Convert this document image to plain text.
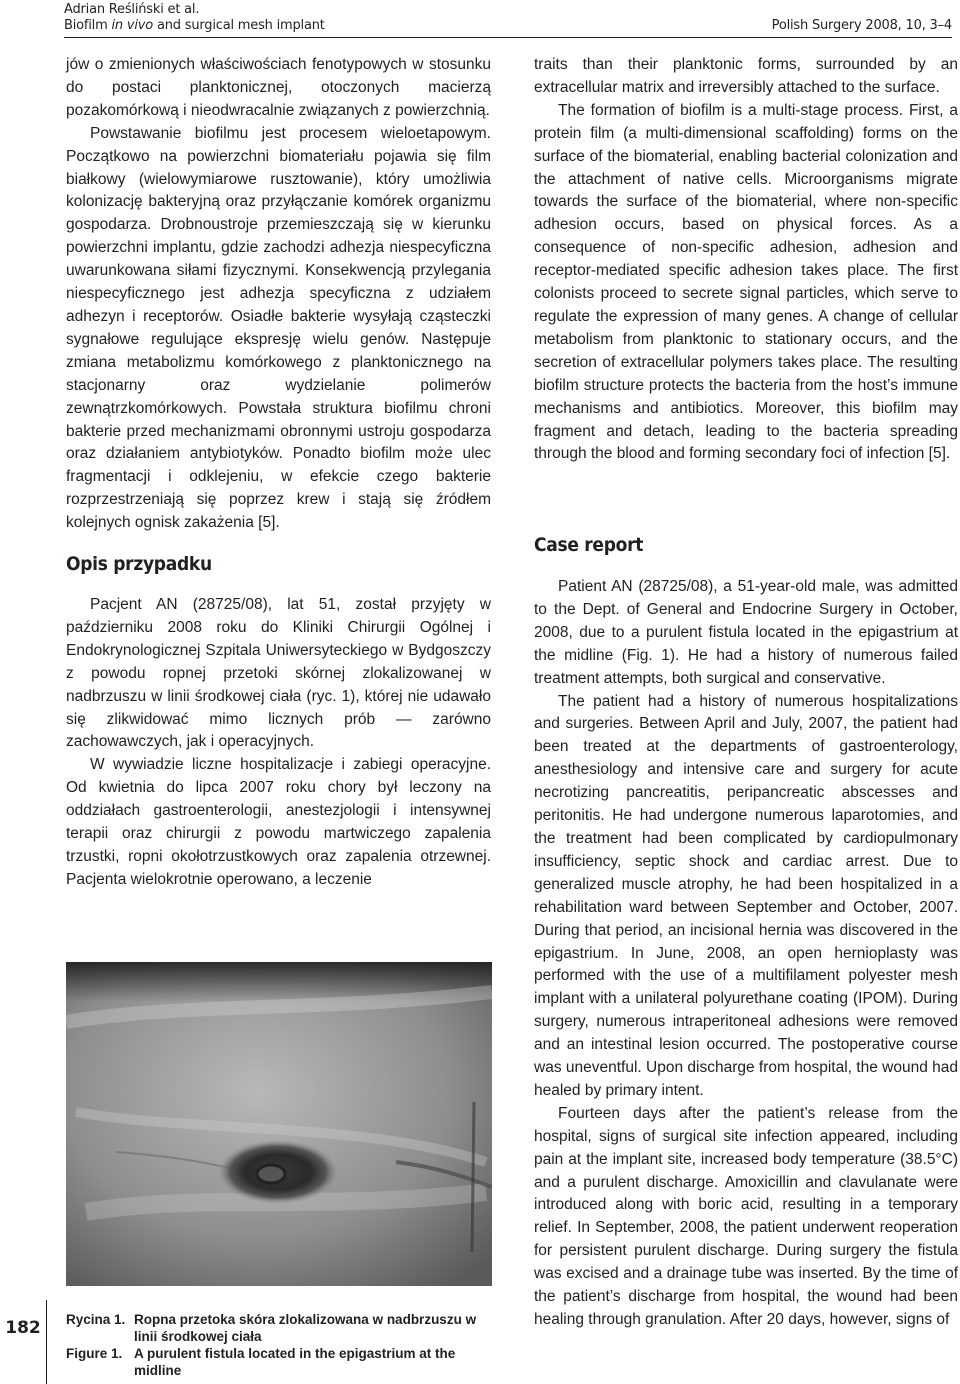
Adrian Reśliński et al.
Biofilm in vivo and surgical mesh implant	Polish Surgery 2008, 10, 3–4

jów o zmienionych właściwościach fenotypowych w stosunku do postaci planktonicznej, otoczonych macierzą pozakomórkową i nieodwracalnie związanych z powierzchnią.

Powstawanie biofilmu jest procesem wieloetapowym. Początkowo na powierzchni biomateriału pojawia się film białkowy (wielowymiarowe rusztowanie), który umożliwia kolonizację bakteryjną oraz przyłączanie komórek organizmu gospodarza. Drobnoustroje przemieszczają się w kierunku powierzchni implantu, gdzie zachodzi adhezja niespecyficzna uwarunkowana siłami fizycznymi. Konsekwencją przylegania niespecyficznego jest adhezja specyficzna z udziałem adhezyn i receptorów. Osiadłe bakterie wysyłają cząsteczki sygnałowe regulujące ekspresję wielu genów. Następuje zmiana metabolizmu komórkowego z planktonicznego na stacjonarny oraz wydzielanie polimerów zewnątrzkomórkowych. Powstała struktura biofilmu chroni bakterie przed mechanizmami obronnymi ustroju gospodarza oraz działaniem antybiotyków. Ponadto biofilm może ulec fragmentacji i odklejeniu, w efekcie czego bakterie rozprzestrzeniają się poprzez krew i stają się źródłem kolejnych ognisk zakażenia [5].

Opis przypadku

Pacjent AN (28725/08), lat 51, został przyjęty w październiku 2008 roku do Kliniki Chirurgii Ogólnej i Endokrynologicznej Szpitala Uniwersyteckiego w Bydgoszczy z powodu ropnej przetoki skórnej zlokalizowanej w nadbrzuszu w linii środkowej ciała (ryc. 1), której nie udawało się zlikwidować mimo licznych prób — zarówno zachowawczych, jak i operacyjnych.

W wywiadzie liczne hospitalizacje i zabiegi operacyjne. Od kwietnia do lipca 2007 roku chory był leczony na oddziałach gastroenterologii, anestezjologii i intensywnej terapii oraz chirurgii z powodu martwiczego zapalenia trzustki, ropni okołotrzustkowych oraz zapalenia otrzewnej. Pacjenta wielokrotnie operowano, a leczenie

Rycina 1. Ropna przetoka skóra zlokalizowana w nadbrzuszu w linii środkowej ciała
Figure 1. A purulent fistula located in the epigastrium at the midline

traits than their planktonic forms, surrounded by an extracellular matrix and irreversibly attached to the surface.

The formation of biofilm is a multi-stage process. First, a protein film (a multi-dimensional scaffolding) forms on the surface of the biomaterial, enabling bacterial colonization and the attachment of native cells. Microorganisms migrate towards the surface of the biomaterial, where non-specific adhesion occurs, based on physical forces. As a consequence of non-specific adhesion, adhesion and receptor-mediated specific adhesion takes place. The first colonists proceed to secrete signal particles, which serve to regulate the expression of many genes. A change of cellular metabolism from planktonic to stationary occurs, and the secretion of extracellular polymers takes place. The resulting biofilm structure protects the bacteria from the host’s immune mechanisms and antibiotics. Moreover, this biofilm may fragment and detach, leading to the bacteria spreading through the blood and forming secondary foci of infection [5].

Case report

Patient AN (28725/08), a 51-year-old male, was admitted to the Dept. of General and Endocrine Surgery in October, 2008, due to a purulent fistula located in the epigastrium at the midline (Fig. 1). He had a history of numerous failed treatment attempts, both surgical and conservative.

The patient had a history of numerous hospitalizations and surgeries. Between April and July, 2007, the patient had been treated at the departments of gastroenterology, anesthesiology and intensive care and surgery for acute necrotizing pancreatitis, peripancreatic abscesses and peritonitis. He had undergone numerous laparotomies, and the treatment had been complicated by cardiopulmonary insufficiency, septic shock and cardiac arrest. Due to generalized muscle atrophy, he had been hospitalized in a rehabilitation ward between September and October, 2007. During that period, an incisional hernia was discovered in the epigastrium. In June, 2008, an open hernioplasty was performed with the use of a multifilament polyester mesh implant with a unilateral polyurethane coating (IPOM). During surgery, numerous intraperitoneal adhesions were removed and an intestinal lesion occurred. The postoperative course was uneventful. Upon discharge from hospital, the wound had healed by primary intent.

Fourteen days after the patient’s release from the hospital, signs of surgical site infection appeared, including pain at the implant site, increased body temperature (38.5°C) and a purulent discharge. Amoxicillin and clavulanate were introduced along with boric acid, resulting in a temporary relief. In September, 2008, the patient underwent reoperation for persistent purulent discharge. During surgery the fistula was excised and a drainage tube was inserted. By the time of the patient’s discharge from hospital, the wound had been healing through granulation. After 20 days, however, signs of

182
